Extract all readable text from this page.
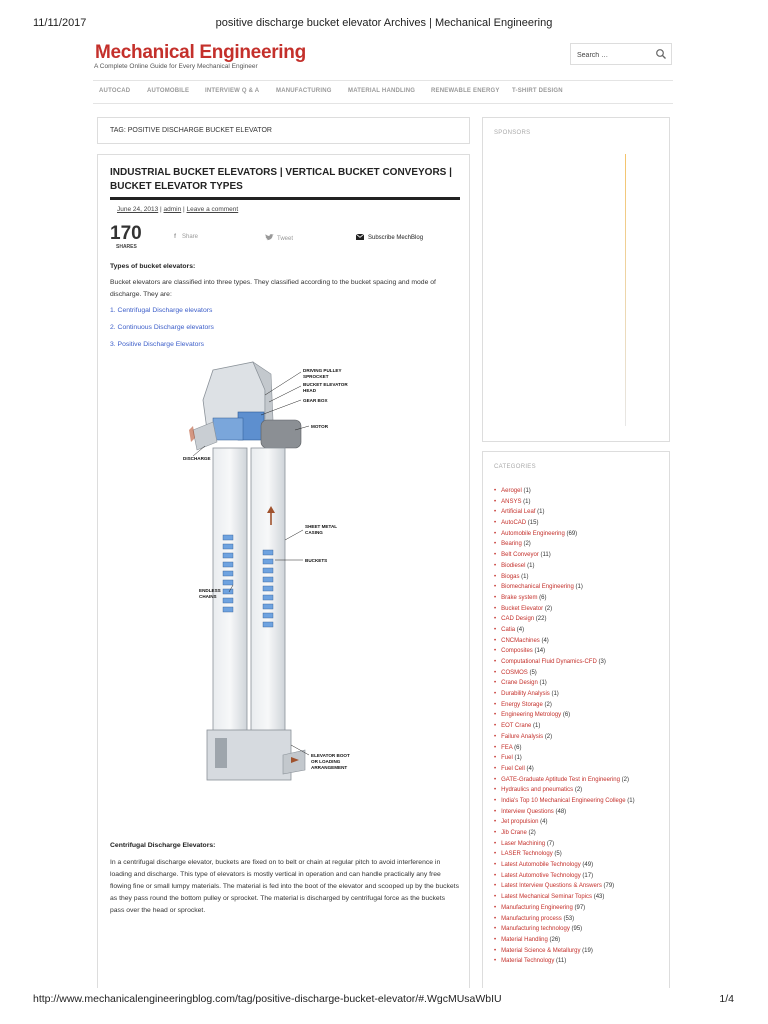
11/11/2017	positive discharge bucket elevator Archives | Mechanical Engineering
http://www.mechanicalengineeringblog.com/tag/positive-discharge-bucket-elevator/#.WgcMUsaWbIU	1/4
Mechanical Engineering
A Complete Online Guide for Every Mechanical Engineer
Search …
AUTOCAD	AUTOMOBILE	INTERVIEW Q & A	MANUFACTURING	MATERIAL HANDLING	RENEWABLE ENERGY T-SHIRT DESIGN
TAG: POSITIVE DISCHARGE BUCKET ELEVATOR
INDUSTRIAL BUCKET ELEVATORS | VERTICAL BUCKET CONVEYORS | BUCKET ELEVATOR TYPES
June 24, 2013 | admin | Leave a comment
170
SHARES
f Share	Tweet	Subscribe MechBlog
Types of bucket elevators:
Bucket elevators are classified into three types. They classified according to the bucket spacing and mode of discharge. They are:
1. Centrifugal Discharge elevators
2. Continuous Discharge elevators
3. Positive Discharge Elevators
DRIVING PULLEY
SPROCKET
BUCKET ELEVATOR
HEAD
GEAR BOX
MOTOR
DISCHARGE
SHEET METAL
CASING
BUCKETS
ENDLESS
CHAINS
ELEVATOR BOOT
OR LOADING
ARRANGEMENT
Centrifugal Discharge Elevators:
In a centrifugal discharge elevator, buckets are fixed on to belt or chain at regular pitch to avoid interference in loading and discharge. This type of elevators is mostly vertical in operation and can handle practically any free flowing fine or small lumpy materials. The material is fed into the boot of the elevator and scooped up by the buckets as they pass round the bottom pulley or sprocket. The material is discharged by centrifugal force as the buckets pass over the head or sprocket.
SPONSORS
CATEGORIES
• Aerogel (1)
• ANSYS (1)
• Artificial Leaf (1)
• AutoCAD (15)
• Automobile Engineering (69)
• Bearing (2)
• Belt Conveyor (11)
• Biodiesel (1)
• Biogas (1)
• Biomechanical Engineering (1)
• Brake system (6)
• Bucket Elevator (2)
• CAD Design (22)
• Catia (4)
• CNCMachines (4)
• Composites (14)
• Computational Fluid Dynamics-CFD (3)
• COSMOS (5)
• Crane Design (1)
• Durability Analysis (1)
• Energy Storage (2)
• Engineering Metrology (6)
• EOT Crane (1)
• Failure Analysis (2)
• FEA (6)
• Fuel (1)
• Fuel Cell (4)
• GATE-Graduate Aptitude Test in Engineering (2)
• Hydraulics and pneumatics (2)
• India's Top 10 Mechanical Engineering College (1)
• Interview Questions (48)
• Jet propulsion (4)
• Jib Crane (2)
• Laser Machining (7)
• LASER Technology (5)
• Latest Automobile Technology (49)
• Latest Automotive Technology (17)
• Latest Interview Questions & Answers (79)
• Latest Mechanical Seminar Topics (43)
• Manufacturing Engineering (97)
• Manufacturing process (53)
• Manufacturing technology (95)
• Material Handling (26)
• Material Science & Metallurgy (19)
• Material Technology (11)
